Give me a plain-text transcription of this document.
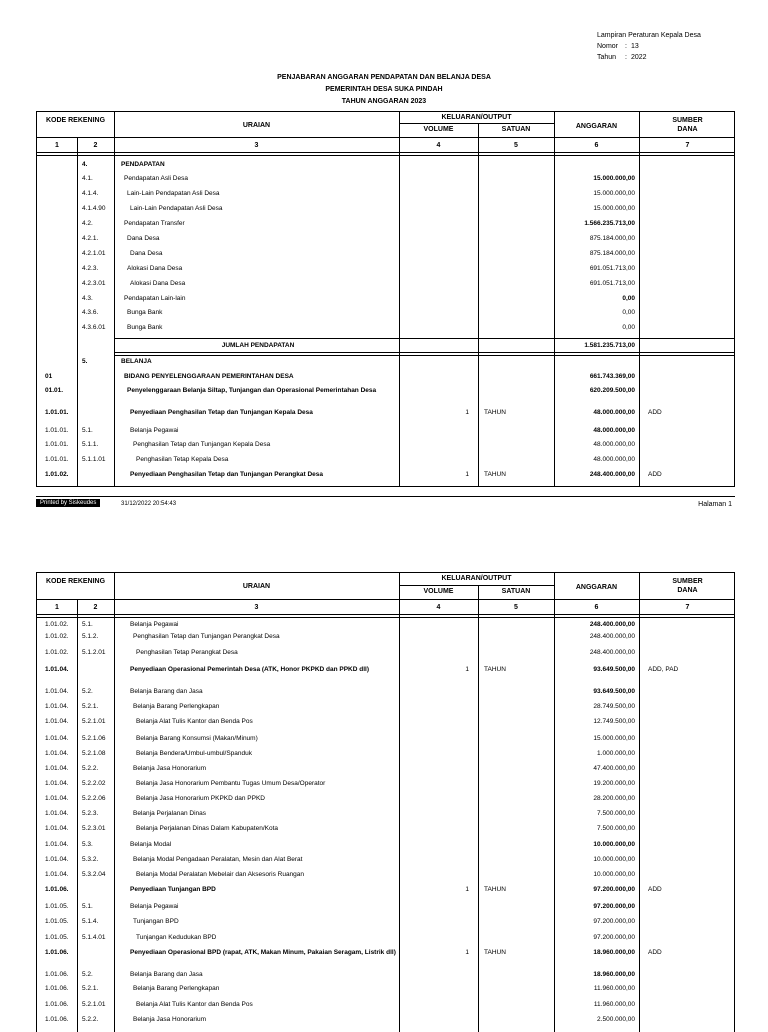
Lampiran Peraturan Kepala Desa
Nomor : 13
Tahun : 2022
PENJABARAN ANGGARAN PENDAPATAN DAN BELANJA DESA
PEMERINTAH DESA SUKA PINDAH
TAHUN ANGGARAN 2023
KODE REKENING
URAIAN
KELUARAN/OUTPUT
VOLUME	SATUAN	ANGGARAN
SUMBER DANA
1	2	3	4	5	6	7
4.	PENDAPATAN
4.1.	Pendapatan Asli Desa	15.000.000,00
4.1.4.	Lain-Lain Pendapatan Asli Desa	15.000.000,00
4.1.4.90	Lain-Lain Pendapatan Asli Desa	15.000.000,00
4.2.	Pendapatan Transfer	1.566.235.713,00
4.2.1.	Dana Desa	875.184.000,00
4.2.1.01	Dana Desa	875.184.000,00
4.2.3.	Alokasi Dana Desa	691.051.713,00
4.2.3.01	Alokasi Dana Desa	691.051.713,00
4.3.	Pendapatan Lain-lain	0,00
4.3.6.	Bunga Bank	0,00
4.3.6.01	Bunga Bank	0,00
JUMLAH PENDAPATAN	1.581.235.713,00
5.	BELANJA
01	BIDANG PENYELENGGARAAN PEMERINTAHAN DESA	661.743.369,00
01.01.	Penyelenggaraan Belanja Siltap, Tunjangan dan Operasional Pemerintahan Desa	620.209.500,00
1.01.01.	Penyediaan Penghasilan Tetap dan Tunjangan Kepala Desa	1 TAHUN	48.000.000,00 ADD
1.01.01. 5.1.	Belanja Pegawai	48.000.000,00
1.01.01. 5.1.1.	Penghasilan Tetap dan Tunjangan Kepala Desa	48.000.000,00
1.01.01. 5.1.1.01	Penghasilan Tetap Kepala Desa	48.000.000,00
1.01.02.	Penyediaan Penghasilan Tetap dan Tunjangan Perangkat Desa	1 TAHUN	248.400.000,00 ADD
Printed by Siskeudes	31/12/2022 20:54:43	Halaman 1
KODE REKENING
URAIAN
KELUARAN/OUTPUT
VOLUME	SATUAN
ANGGARAN
SUMBER DANA
1	2	3	4	5	6	7
1.01.02. 5.1.	Belanja Pegawai	248.400.000,00
1.01.02. 5.1.2.	Penghasilan Tetap dan Tunjangan Perangkat Desa	248.400.000,00
1.01.02. 5.1.2.01	Penghasilan Tetap Perangkat Desa	248.400.000,00
1.01.04.	Penyediaan Operasional Pemerintah Desa (ATK, Honor PKPKD dan PPKD dll)	1 TAHUN	93.649.500,00 ADD, PAD
1.01.04. 5.2.	Belanja Barang dan Jasa	93.649.500,00
1.01.04. 5.2.1.	Belanja Barang Perlengkapan	28.749.500,00
1.01.04. 5.2.1.01	Belanja Alat Tulis Kantor dan Benda Pos	12.749.500,00
1.01.04. 5.2.1.06	Belanja Barang Konsumsi (Makan/Minum)	15.000.000,00
1.01.04. 5.2.1.08	Belanja Bendera/Umbul-umbul/Spanduk	1.000.000,00
1.01.04. 5.2.2.	Belanja Jasa Honorarium	47.400.000,00
1.01.04. 5.2.2.02	Belanja Jasa Honorarium Pembantu Tugas Umum Desa/Operator	19.200.000,00
1.01.04. 5.2.2.06	Belanja Jasa Honorarium PKPKD dan PPKD	28.200.000,00
1.01.04. 5.2.3.	Belanja Perjalanan Dinas	7.500.000,00
1.01.04. 5.2.3.01	Belanja Perjalanan Dinas Dalam Kabupaten/Kota	7.500.000,00
1.01.04. 5.3.	Belanja Modal	10.000.000,00
1.01.04. 5.3.2.	Belanja Modal Pengadaan Peralatan, Mesin dan Alat Berat	10.000.000,00
1.01.04. 5.3.2.04	Belanja Modal Peralatan Mebelair dan Aksesoris Ruangan	10.000.000,00
1.01.06.	Penyediaan Tunjangan BPD	1 TAHUN	97.200.000,00 ADD
1.01.05. 5.1.	Belanja Pegawai	97.200.000,00
1.01.05. 5.1.4.	Tunjangan BPD	97.200.000,00
1.01.05. 5.1.4.01	Tunjangan Kedudukan BPD	97.200.000,00
1.01.06.	Penyediaan Operasional BPD (rapat, ATK, Makan Minum, Pakaian Seragam, Listrik dll)	1 TAHUN	18.960.000,00 ADD
1.01.06. 5.2.	Belanja Barang dan Jasa	18.960.000,00
1.01.06. 5.2.1.	Belanja Barang Perlengkapan	11.960.000,00
1.01.06. 5.2.1.01	Belanja Alat Tulis Kantor dan Benda Pos	11.960.000,00
1.01.06. 5.2.2.	Belanja Jasa Honorarium	2.500.000,00
